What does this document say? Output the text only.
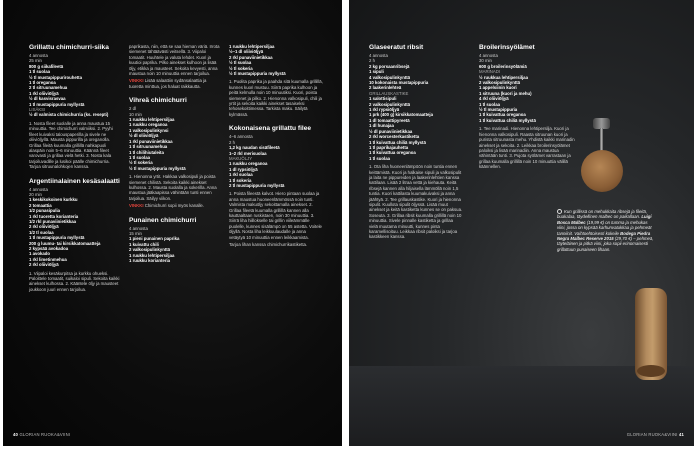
Grillattu chimichurri-siika
4 annosta
25 min
800 g siikafileetä
1 tl suolaa
½ tl mustapippurirouhetta
1 tl oreganoa
2 tl sitruunamehua
1 rkl oliiviöljyä
½ dl kasvisrasvaa
1 tl mustapippuria myllystä
LISÄKSI
½ dl valmista chimichurria (ks. resepti)

1. Nosta fileet suolalle ja anna maustua 15 minuuttia. Tee chimichurri valmiiksi. 2. Pyyhi fileet kuivaksi talouspaperilla ja sivele ne oliiviöljyllä. Mausta pippurilla ja oreganolla. Grillaa fileitä kuumalla grillillä nahkapuoli alaspäin noin 5–6 minuuttia. Käännä fileet varovasti ja grillaa vielä hetki. 3. Nosta kala tarjoiluvadille ja lusikoi päälle chimichurria. Tarjoa sitruunalohkojen kanssa.

Argentiinalainen kesäsalaatti
4 annosta
20 min
1 keskikokoinen kurkku
2 tomaattia
1/2 punasipulia
1 rkl tuoretta korianteria
1/2 rkl punaviinietikkaa
2 rkl oliiviöljyä
1/2 tl suolaa
1 tl mustapippuria myllystä
200 g luumu- tai kirsikkatomaatteja
2 kypsää avokadoa
1 avokado
1 rkl limetinmehua
2 rkl oliiviöljyä

1. Viipaloi kesäkurpitsa ja kurkku ohueksi. Paloittele tomaatit, suikaloi sipuli. Sekoita kaikki ainekset kulhossa. 2. Kääntele öljy ja mausteet joukkoon juuri ennen tarjoilua.

paprikasta, niin, että se saa hieman väriä. Irrota siemenet tähtäävästi veitsellä. 3. Viipaloi tomaatit. Huuhtele ja valuta lehdet. Kuori ja kuutioi paprika. Pilko ainekset kulhoon ja lisää öljy, etikka ja mausteet. Sekoita kevyesti, anna maustua noin 10 minuuttia ennen tarjoilua.

VINKKI Lisää salaattiin sydänsalaattia ja tuoretta minttua, jos haluat raikkautta.

Vihreä chimichurri
2 dl
10 min
1 ruukku lehtipersiljaa
1 ruukku oreganoa
1 valkosipulinkynsi
½ dl oliiviöljyä
1 rkl punaviinietikkaa
1 tl sitruunamehua
1 tl chilihiutaleita
1 tl suolaa
½ tl sokeria
½ tl mustapippuria myllystä

1. Hienonna yrtit. Hakkaa valkosipuli ja poista siemenet chilistä. Sekoita kaikki ainekset kulhossa. 2. Mausta suolalla ja sokerilla. Anna maustua jääkaapissa vähintään tunti ennen tarjoilua. Säilyy viikon.

VINKKI Chimichurri sopii myös kanalle.

Punainen chimichurri
4 annosta
15 min
1 pieni punainen paprika
1 kuivattu chili
2 valkosipulinkynttä
1 ruukku lehtipersiljaa
1 ruukku korianteria
1 ruukku lehtipersiljaa
½–1 dl oliiviöljyä
2 rkl punaviinietikkaa
½ tl suolaa
½ tl sokeria
½ tl mustapippuria myllystä

1. Puolita paprika ja paahda sitä kuumalla grillillä, kunnes kuori mustuu. Siirrä paprika kulhoon ja peitä kelmulla noin 10 minuutiksi. Kuori, poista siemenet ja pilko. 2. Hienonna valkosipuli, chili ja yrtit ja sekoita kaikki ainekset tasaiseksi tehosekoittimessa. Tarkista maku. Säilytä kylmässä.

Kokonaisena grillattu filee
4–6 annosta
2 h
1,2 kg naudan sisäfileetä
1–2 rkl merisuolaa
MAKUÖLJY
1 ruukku oreganoa
1 dl rypsiöljyä
1 rkl suolaa
1 tl sokeria
2 tl mustapippuria myllystä

1. Poista fileestä kalvot. Hiero pintaan suolaa ja anna maustua huoneenlämmössä noin tunti. Valmista makuöljy sekoittamalla ainekset. 2. Grillaa fileetä kuumalla grillillä kannen alla kauttaaltaan ruskistaen, noin 30 minuuttia. 3. Siirrä liha hiillokselle tai grillin viileämmälle puolelle, kunnes sisälämpö on 55 astetta. Voitele öljyllä. Nosta liha leikkuulaudalle ja anna vetäytyä 10 minuuttia ennen leikkaamista.

Tarjoa lihan kanssa chimichurrikastiketta.

40 GLORIAN RUOKA&VIINI
Glaseeratut ribsit
4 annosta
2 h
2 kg porsaanribsejä
1 sipuli
4 valkosipulinkynttä
10 kokonaista mustapippuria
2 laakerinlehteä
GRILLAUSKASTIKE
1 salottisipuli
2 valkosipulinkynttä
1 rkl rypsiöljyä
1 prk (400 g) kirsikkatomaatteja
1 dl tomaattipyreetä
1 dl hunajaa
½ dl punaviinietikkaa
2 rkl worcesterkastiketta
1 tl kuivattua chiliä myllystä
1 tl paprikajauhetta
1 tl kuivattua oreganoa
1 tl suolaa

1. Ota liha huoneenlämpöön noin tuntia ennen keittämistä. Kuori ja halkaise sipuli ja valkosipulit ja laita ne pippureiden ja laakerinlehtien kanssa kattilaan. Lisää 2 litraa vettä ja kiehauta. Keitä ribsejä kannen alla hiljaisella lämmöllä noin 1,5 tuntia. Kuori kattilasta kuumakuivaksi ja anna jäähtyä. 2. Tee grillauskastike. Kuori ja hienonna sipulit. Kuullota sipulit öljyssä. Lisää muut ainekset ja keitä kastiketta kunnes se on paksua. Soseuta. 3. Grillaa ribsit kuumalla grillillä noin 10 minuuttia. Sivele pinnalle kastiketta ja grillaa vielä muutama minuutti, kunnes pinta karamellisoituu. Leikkaa ribsit paloiksi ja tarjoa kastikkeen kanssa.

Broilerinsyölämet
4 annosta
30 min
600 g broilerinsyölämiä
MARINADI
½ ruukkua lehtipersiljaa
2 valkosipulinkynttä
1 appelsiinin kuori
1 sitruuna (kuori ja mehu)
4 rkl oliiviöljyä
1 tl suolaa
½ tl mustapippuria
1 tl kuivattua oreganoa
1 tl kuivattua chiliä myllystä

1. Tee marinadi. Hienonna lehtipersilja. Kuori ja hienonna valkosipuli. Raasta sitruunan kuori ja purista sitruunasta mehu. Yhdistä kaikki marinadin ainekset ja sekoita. 2. Leikkaa broilerinsyölämet paloiksi ja lisää marinadiin. Anna maustua vähintään tunti. 3. Pujota syölämet varrastaan ja grillaa kuumalla grillillä noin 10 minuuttia välillä käännellen.

Kun grillissä on mehukkaita ribsejä ja fileitä, buakalaa, täydellinen malbec on paikallaan. Luigi Bosca Malbec (19,99 €) on tumma ja mehukas viini, jossa on kypsää karhunvatukkaa ja pehmeät tanniinit. Vaihtoehtoisesti kokeile Bodega Piedra Negra Malbec Reserve 2015 (29,70 €) – pehmeä, täyteläinen ja pitkä viini, joka sopii erinomaisesti grillattuun punaiseen lihaan.
GLORIAN RUOKA&VIINI 41
